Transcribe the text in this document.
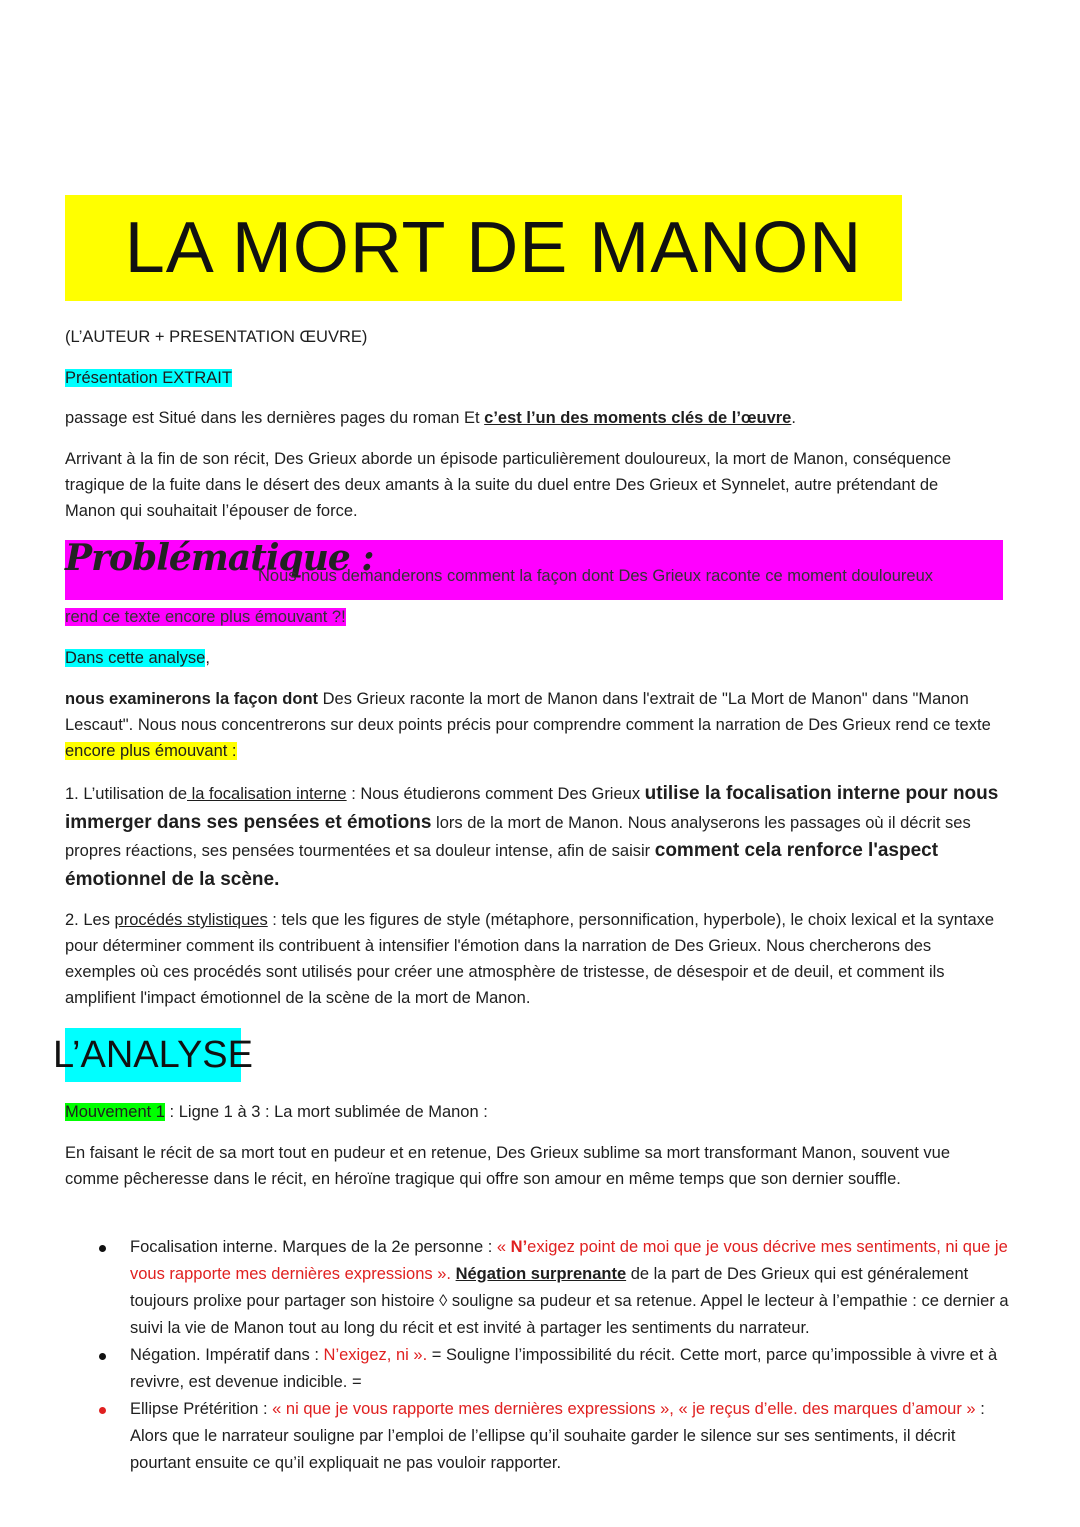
LA MORT DE MANON

(L’AUTEUR + PRESENTATION ŒUVRE)

Présentation EXTRAIT

passage est Situé dans les dernières pages du roman Et c’est l’un des moments clés de l’œuvre.

Arrivant à la fin de son récit, Des Grieux aborde un épisode particulièrement douloureux, la mort de Manon, conséquence tragique de la fuite dans le désert des deux amants à la suite du duel entre Des Grieux et Synnelet, autre prétendant de Manon qui souhaitait l’épouser de force.

Problématique :
Nous nous demanderons comment la façon dont Des Grieux raconte ce moment douloureux

rend ce texte encore plus émouvant ?!

Dans cette analyse,

nous examinerons la façon dont Des Grieux raconte la mort de Manon dans l'extrait de "La Mort de Manon" dans "Manon Lescaut". Nous nous concentrerons sur deux points précis pour comprendre comment la narration de Des Grieux rend ce texte encore plus émouvant :

1. L’utilisation de la focalisation interne : Nous étudierons comment Des Grieux utilise la focalisation interne pour nous immerger dans ses pensées et émotions lors de la mort de Manon. Nous analyserons les passages où il décrit ses propres réactions, ses pensées tourmentées et sa douleur intense, afin de saisir comment cela renforce l'aspect émotionnel de la scène.

2. Les procédés stylistiques : tels que les figures de style (métaphore, personnification, hyperbole), le choix lexical et la syntaxe pour déterminer comment ils contribuent à intensifier l'émotion dans la narration de Des Grieux. Nous chercherons des exemples où ces procédés sont utilisés pour créer une atmosphère de tristesse, de désespoir et de deuil, et comment ils amplifient l'impact émotionnel de la scène de la mort de Manon.

L’ANALYSE

Mouvement 1 : Ligne 1 à 3 : La mort sublimée de Manon :

En faisant le récit de sa mort tout en pudeur et en retenue, Des Grieux sublime sa mort transformant Manon, souvent vue comme pêcheresse dans le récit, en héroïne tragique qui offre son amour en même temps que son dernier souffle.

Focalisation interne. Marques de la 2e personne : « N’exigez point de moi que je vous décrive mes sentiments, ni que je vous rapporte mes dernières expressions ». Négation surprenante de la part de Des Grieux qui est généralement toujours prolixe pour partager son histoire ◊ souligne sa pudeur et sa retenue. Appel le lecteur à l’empathie : ce dernier a suivi la vie de Manon tout au long du récit et est invité à partager les sentiments du narrateur.
Négation. Impératif dans : N’exigez, ni ». = Souligne l’impossibilité du récit. Cette mort, parce qu’impossible à vivre et à revivre, est devenue indicible. =
Ellipse Prétérition : « ni que je vous rapporte mes dernières expressions », « je reçus d’elle. des marques d’amour » : Alors que le narrateur souligne par l’emploi de l’ellipse qu’il souhaite garder le silence sur ses sentiments, il décrit pourtant ensuite ce qu’il expliquait ne pas vouloir rapporter.
